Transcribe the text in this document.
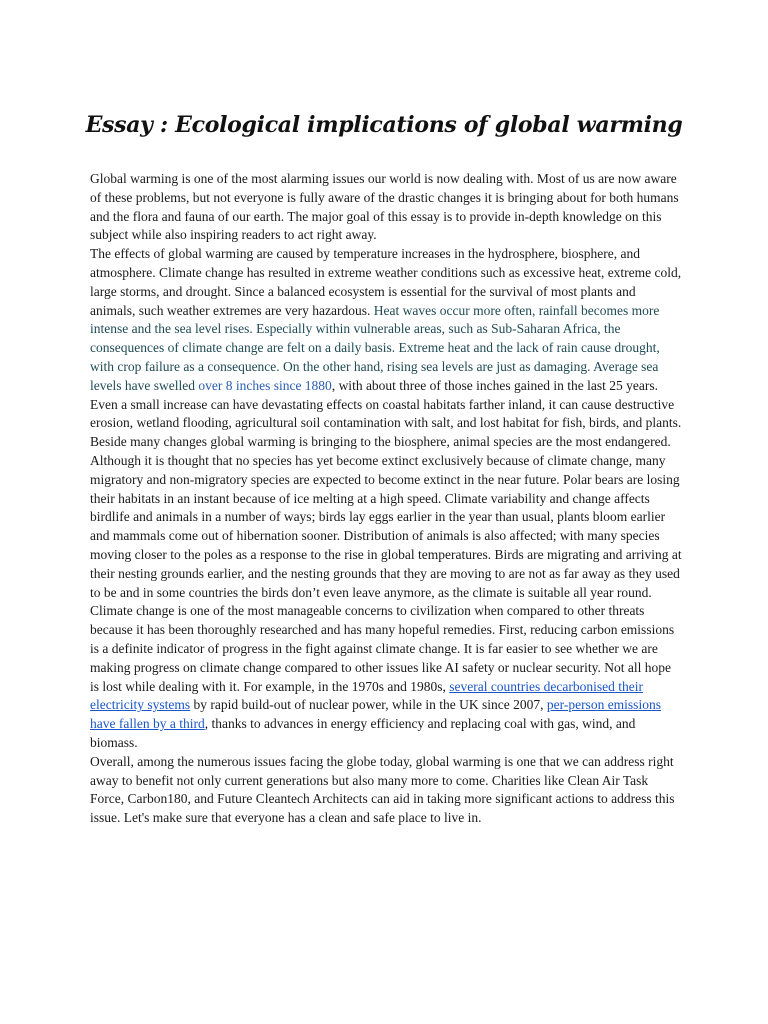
Essay : Ecological implications of global warming

Global warming is one of the most alarming issues our world is now dealing with. Most of us are now aware of these problems, but not everyone is fully aware of the drastic changes it is bringing about for both humans and the flora and fauna of our earth. The major goal of this essay is to provide in-depth knowledge on this subject while also inspiring readers to act right away.

The effects of global warming are caused by temperature increases in the hydrosphere, biosphere, and atmosphere. Climate change has resulted in extreme weather conditions such as excessive heat, extreme cold, large storms, and drought. Since a balanced ecosystem is essential for the survival of most plants and animals, such weather extremes are very hazardous. Heat waves occur more often, rainfall becomes more intense and the sea level rises. Especially within vulnerable areas, such as Sub-Saharan Africa, the consequences of climate change are felt on a daily basis. Extreme heat and the lack of rain cause drought, with crop failure as a consequence. On the other hand, rising sea levels are just as damaging. Average sea levels have swelled over 8 inches since 1880, with about three of those inches gained in the last 25 years. Even a small increase can have devastating effects on coastal habitats farther inland, it can cause destructive erosion, wetland flooding, agricultural soil contamination with salt, and lost habitat for fish, birds, and plants.

Beside many changes global warming is bringing to the biosphere, animal species are the most endangered. Although it is thought that no species has yet become extinct exclusively because of climate change, many migratory and non-migratory species are expected to become extinct in the near future. Polar bears are losing their habitats in an instant because of ice melting at a high speed. Climate variability and change affects birdlife and animals in a number of ways; birds lay eggs earlier in the year than usual, plants bloom earlier and mammals come out of hibernation sooner. Distribution of animals is also affected; with many species moving closer to the poles as a response to the rise in global temperatures. Birds are migrating and arriving at their nesting grounds earlier, and the nesting grounds that they are moving to are not as far away as they used to be and in some countries the birds don’t even leave anymore, as the climate is suitable all year round.

Climate change is one of the most manageable concerns to civilization when compared to other threats because it has been thoroughly researched and has many hopeful remedies. First, reducing carbon emissions is a definite indicator of progress in the fight against climate change. It is far easier to see whether we are making progress on climate change compared to other issues like AI safety or nuclear security. Not all hope is lost while dealing with it. For example, in the 1970s and 1980s, several countries decarbonised their electricity systems by rapid build-out of nuclear power, while in the UK since 2007, per-person emissions have fallen by a third, thanks to advances in energy efficiency and replacing coal with gas, wind, and biomass.

Overall, among the numerous issues facing the globe today, global warming is one that we can address right away to benefit not only current generations but also many more to come. Charities like Clean Air Task Force, Carbon180, and Future Cleantech Architects can aid in taking more significant actions to address this issue. Let's make sure that everyone has a clean and safe place to live in.
